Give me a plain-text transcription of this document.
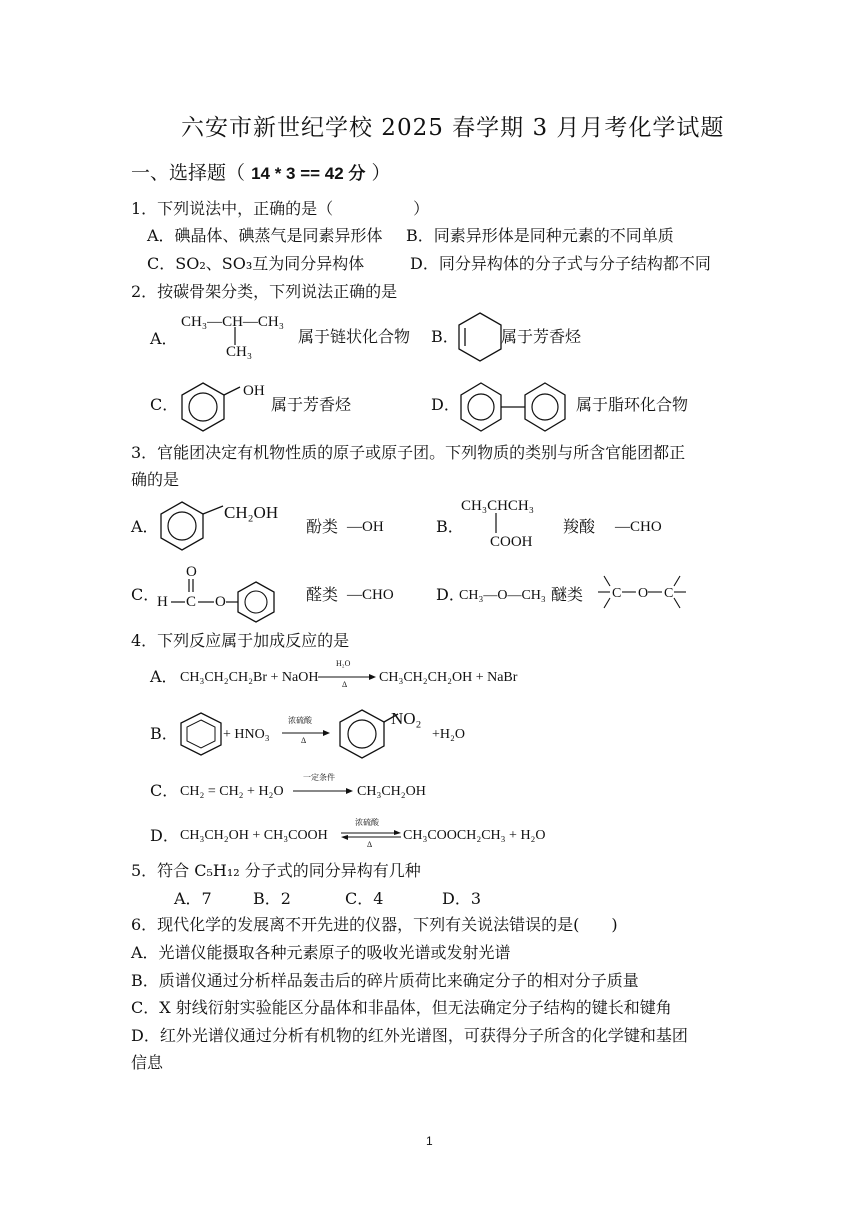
六安市新世纪学校 2025 春学期 3 月月考化学试题
一、选择题（ 14 * 3 == 42 分 ）
1．下列说法中，正确的是（　　　　　）
A．碘晶体、碘蒸气是同素异形体 B．同素异形体是同种元素的不同单质
C．SO₂、SO₃互为同分异构体	D．同分异构体的分子式与分子结构都不同
2．按碳骨架分类，下列说法正确的是
A．
CH₃—CH—CH₃
CH₃
属于链状化合物 B．	属于芳香烃
C．
OH
属于芳香烃	D．	属于脂环化合物
3．官能团决定有机物性质的原子或原子团。下列物质的类别与所含官能团都正
确的是
A．
CH₂OH
酚类 —OH	B．
CH₃CHCH₃
COOH
羧酸 —CHO
C．
O
H C O	醛类 —CHO	D．
CH₃—O—CH₃ 醚类 C O C
4．下列反应属于加成反应的是
A． CH₃CH₂CH₂Br + NaOH
H₂O
Δ CH₃CH₂CH₂OH + NaBr
B．	+ HNO₃
浓硫酸
Δ
NO₂
+H₂O
C． CH₂ = CH₂ + H₂O
一定条件
CH₃CH₂OH
D． CH₃CH₂OH + CH₃COOH
浓硫酸
Δ
CH₃COOCH₂CH₃ + H₂O
5．符合 C₅H₁₂ 分子式的同分异构有几种
A．7	B．2	C．4	D．3
6．现代化学的发展离不开先进的仪器，下列有关说法错误的是(　　)
A．光谱仪能摄取各种元素原子的吸收光谱或发射光谱
B．质谱仪通过分析样品轰击后的碎片质荷比来确定分子的相对分子质量
C．X 射线衍射实验能区分晶体和非晶体，但无法确定分子结构的键长和键角
D．红外光谱仪通过分析有机物的红外光谱图，可获得分子所含的化学键和基团
信息
1
